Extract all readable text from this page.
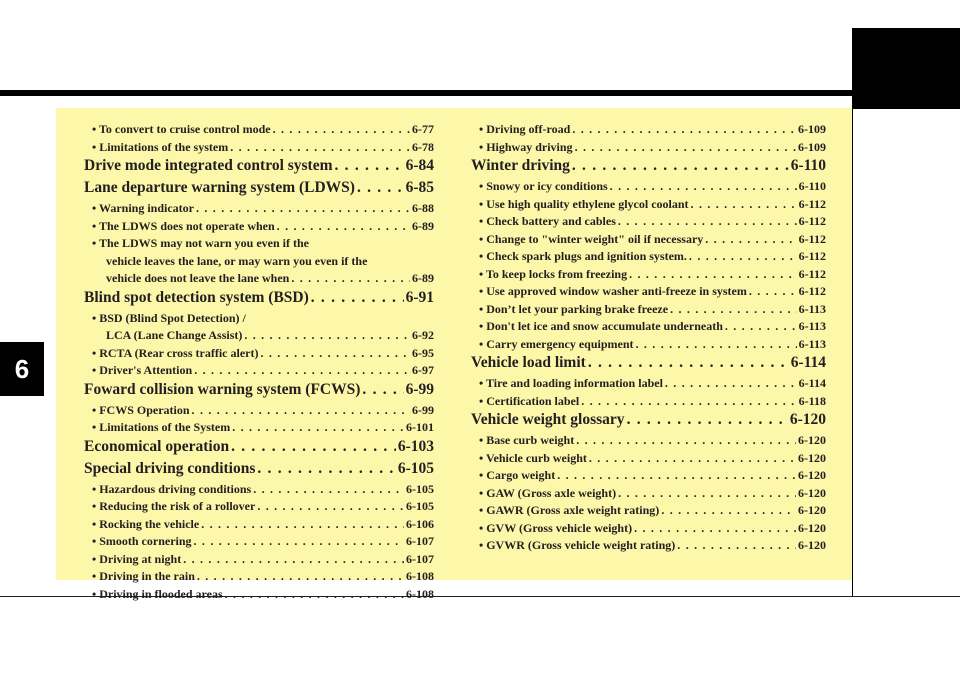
6
• To convert to cruise control mode . . .	6-77
• Limitations of the system . . .	6-78
Drive mode integrated control system . . .	6-84
Lane departure warning system (LDWS) . . .	6-85
• Warning indicator . . .	6-88
• The LDWS does not operate when . . .	6-89
• The LDWS may not warn you even if the
vehicle leaves the lane, or may warn you even if the
vehicle does not leave the lane when . . .	6-89
Blind spot detection system (BSD) . . .	6-91
• BSD (Blind Spot Detection) /
LCA (Lane Change Assist) . . .	6-92
• RCTA (Rear cross traffic alert) . . .	6-95
• Driver's Attention . . .	6-97
Foward collision warning system (FCWS) . . .	6-99
• FCWS Operation . . .	6-99
• Limitations of the System . . .	6-101
Economical operation . . .	6-103
Special driving conditions . . .	6-105
• Hazardous driving conditions . . .	6-105
• Reducing the risk of a rollover . . .	6-105
• Rocking the vehicle . . .	6-106
• Smooth cornering . . .	6-107
• Driving at night . . .	6-107
• Driving in the rain . . .	6-108
• Driving in flooded areas . . .	6-108
• Driving off-road . . .	6-109
• Highway driving . . .	6-109
Winter driving . . .	6-110
• Snowy or icy conditions . . .	6-110
• Use high quality ethylene glycol coolant . . .	6-112
• Check battery and cables . . .	6-112
• Change to "winter weight" oil if necessary . . .	6-112
• Check spark plugs and ignition system. . . .	6-112
• To keep locks from freezing . . .	6-112
• Use approved window washer anti-freeze in system . . .	6-112
• Don’t let your parking brake freeze . . .	6-113
• Don't let ice and snow accumulate underneath . . .	6-113
• Carry emergency equipment . . .	6-113
Vehicle load limit . . .	6-114
• Tire and loading information label . . .	6-114
• Certification label . . .	6-118
Vehicle weight glossary . . .	6-120
• Base curb weight . . .	6-120
• Vehicle curb weight . . .	6-120
• Cargo weight . . .	6-120
• GAW (Gross axle weight) . . .	6-120
• GAWR (Gross axle weight rating) . . .	6-120
• GVW (Gross vehicle weight) . . .	6-120
• GVWR (Gross vehicle weight rating) . . .	6-120
